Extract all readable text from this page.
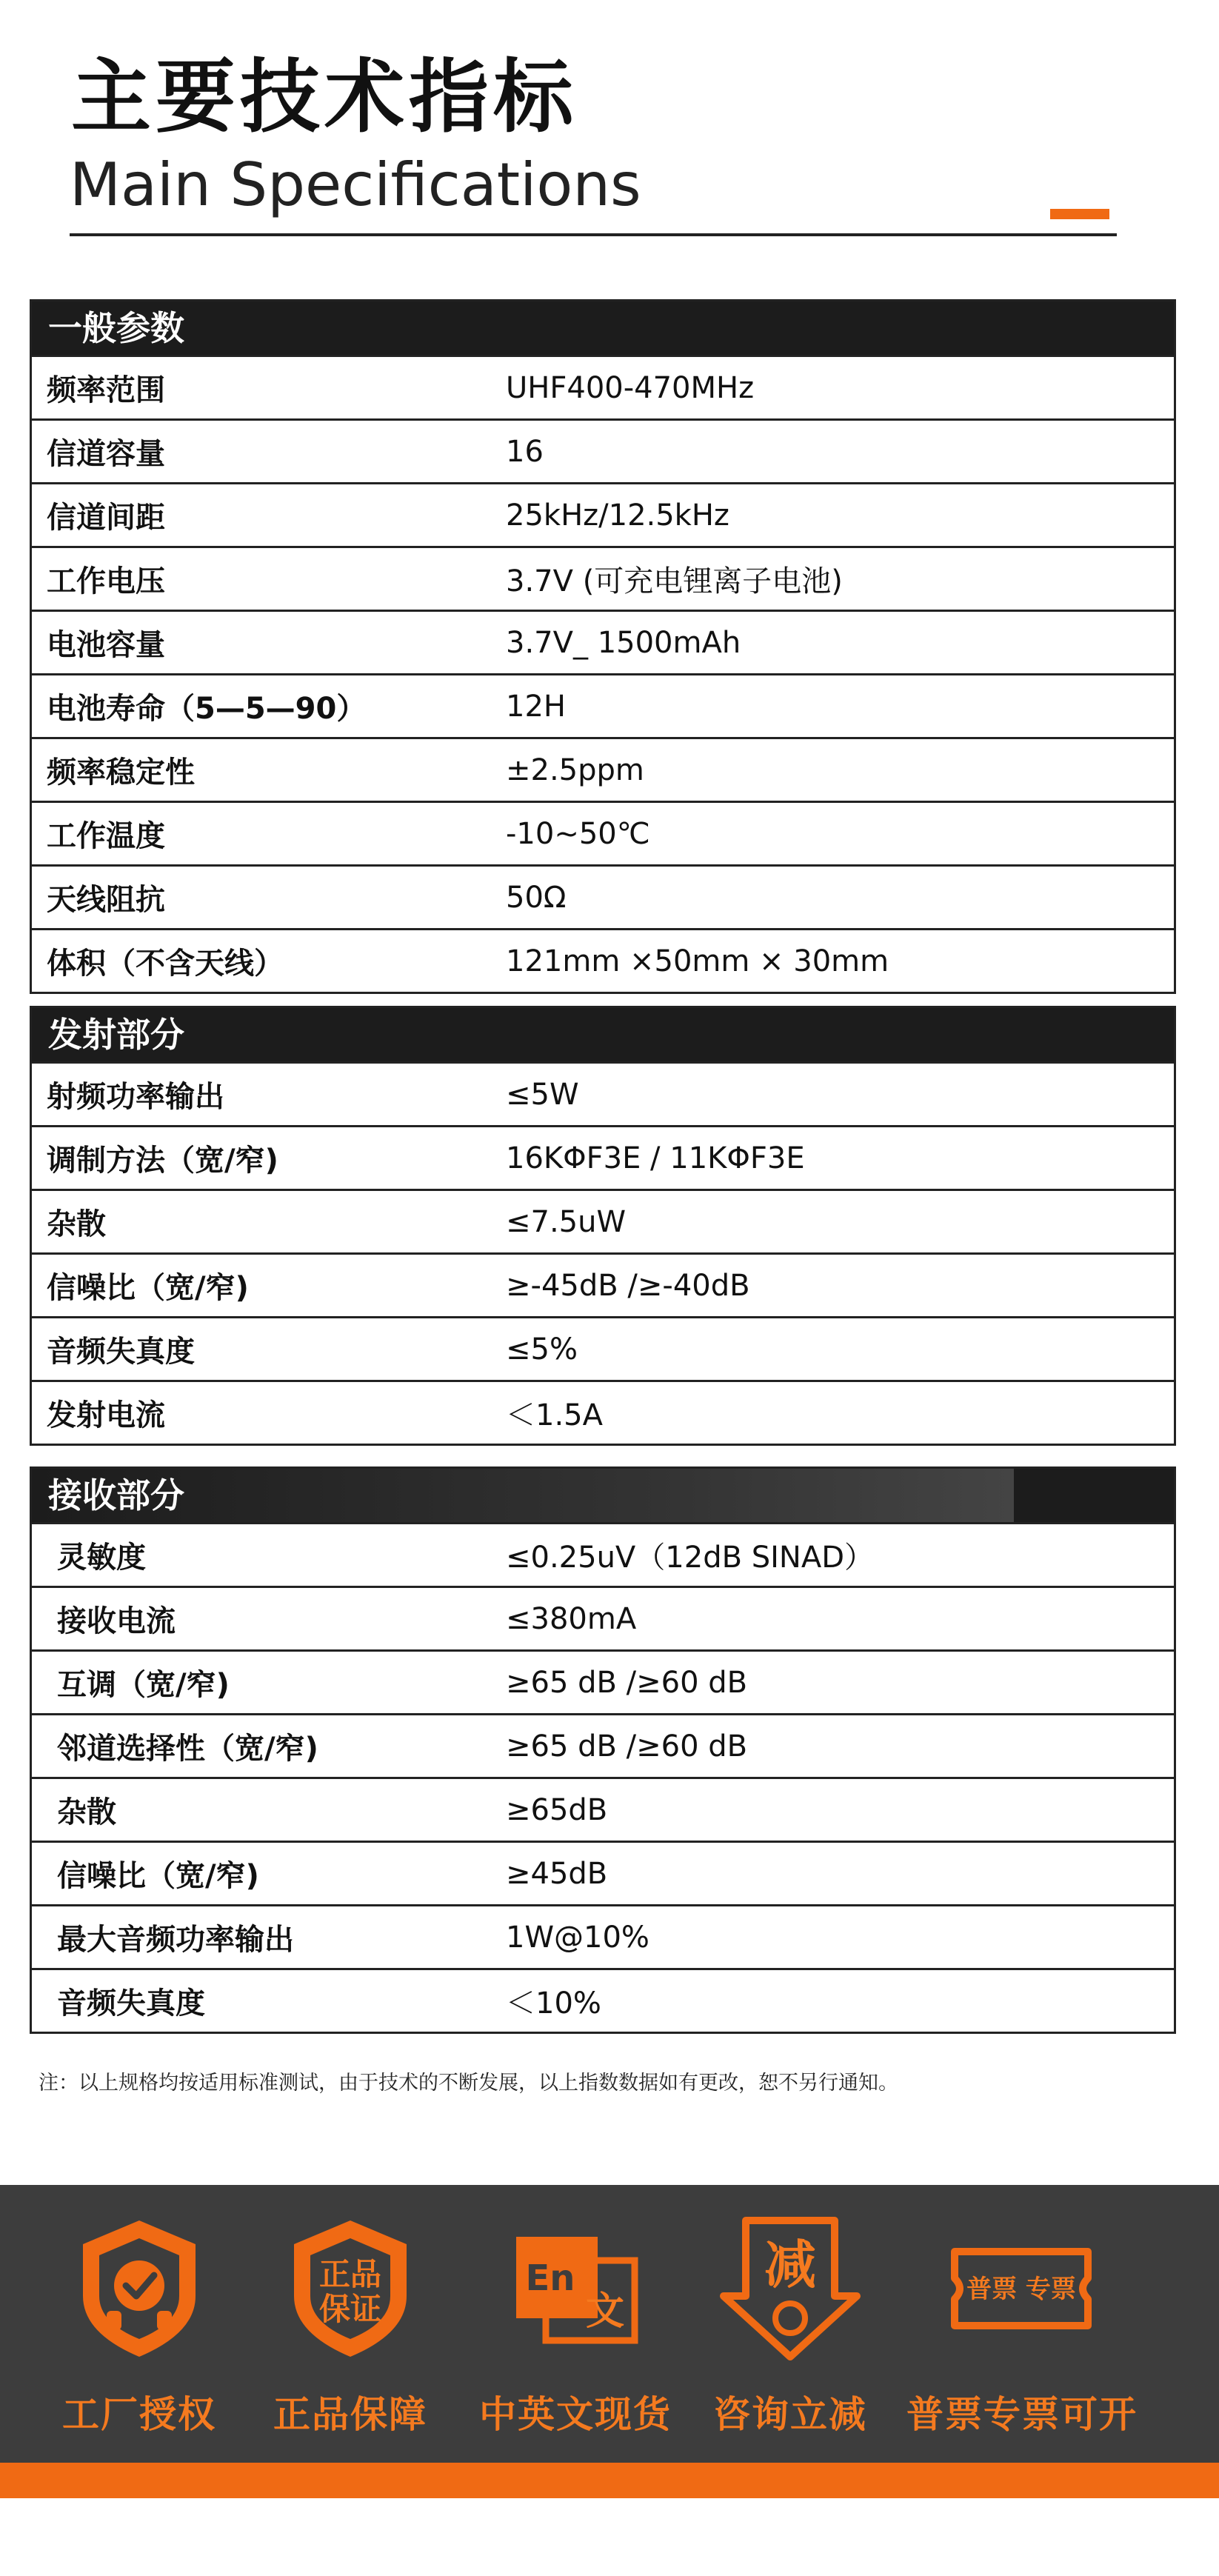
主要技术指标
Main Specifications
一般参数
频率范围	UHF400-470MHz
信道容量	16
信道间距	25kHz/12.5kHz
工作电压	3.7V (可充电锂离子电池)
电池容量	3.7V_ 1500mAh
电池寿命（5—5—90）	12H
频率稳定性	±2.5ppm
工作温度	-10~50℃
天线阻抗	50Ω
体积（不含天线）	121mm ×50mm × 30mm
发射部分
射频功率输出	≤5W
调制方法（宽/窄)	16KΦF3E / 11KΦF3E
杂散	≤7.5uW
信噪比（宽/窄)	≥-45dB /≥-40dB
音频失真度	≤5%
发射电流	＜1.5A
接收部分
灵敏度	≤0.25uV（12dB SINAD）
接收电流	≤380mA
互调（宽/窄)	≥65 dB /≥60 dB
邻道选择性（宽/窄)	≥65 dB /≥60 dB
杂散	≥65dB
信噪比（宽/窄)	≥45dB
最大音频功率输出	1W@10%
音频失真度	＜10%
注：以上规格均按适用标准测试，由于技术的不断发展，以上指数数据如有更改，恕不另行通知。
工厂授权
正品
保证
正品保障
En
文
中英文现货
减
咨询立减
普票 专票
普票专票可开
